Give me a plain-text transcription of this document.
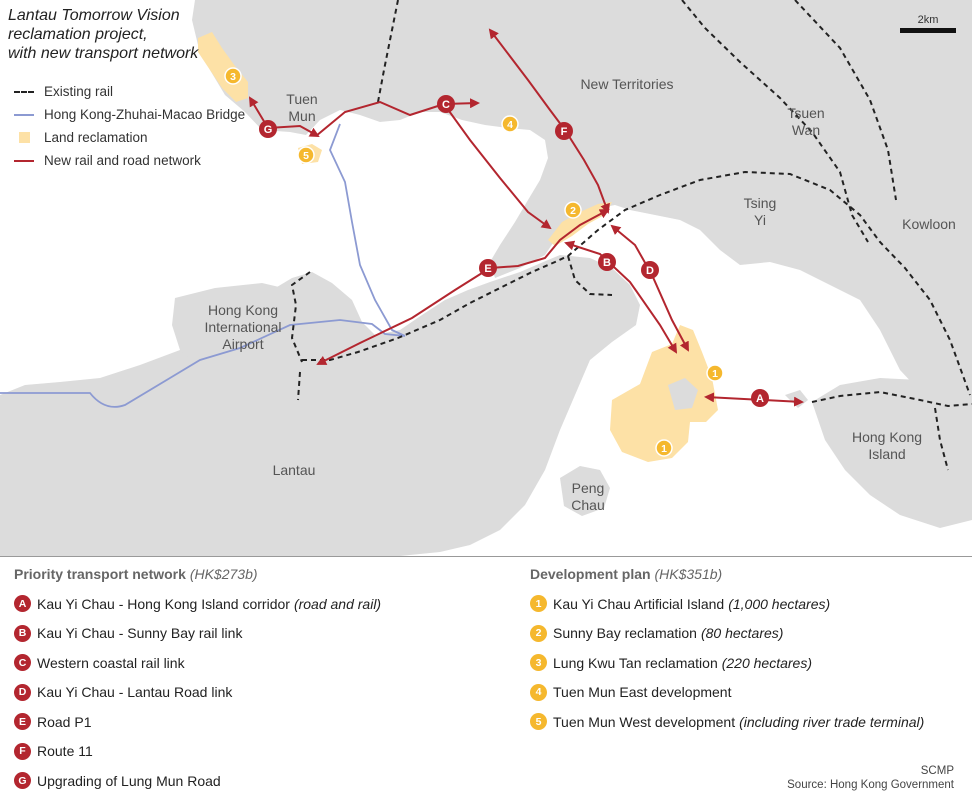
A
B
C
D
E
F
G
1
1
2
3
4
5
Tuen
Mun
New Territories
Tsuen
Wan
Tsing
Yi	Kowloon
Hong Kong
International
Airport
Lantau
Hong Kong
Island
Peng
Chau
Lantau Tomorrow Vision
reclamation project,
with new transport network
Existing rail
Hong Kong-Zhuhai-Macao Bridge
Land reclamation
New rail and road network
2km
Priority transport network (HK$273b)
A Kau Yi Chau - Hong Kong Island corridor (road and rail)
B Kau Yi Chau - Sunny Bay rail link
C Western coastal rail link
D Kau Yi Chau - Lantau Road link
E Road P1
F Route 11
G Upgrading of Lung Mun Road
Development plan (HK$351b)
1 Kau Yi Chau Artificial Island (1,000 hectares)
2 Sunny Bay reclamation (80 hectares)
3 Lung Kwu Tan reclamation (220 hectares)
4 Tuen Mun East development
5 Tuen Mun West development (including river trade terminal)
SCMP
Source: Hong Kong Government
